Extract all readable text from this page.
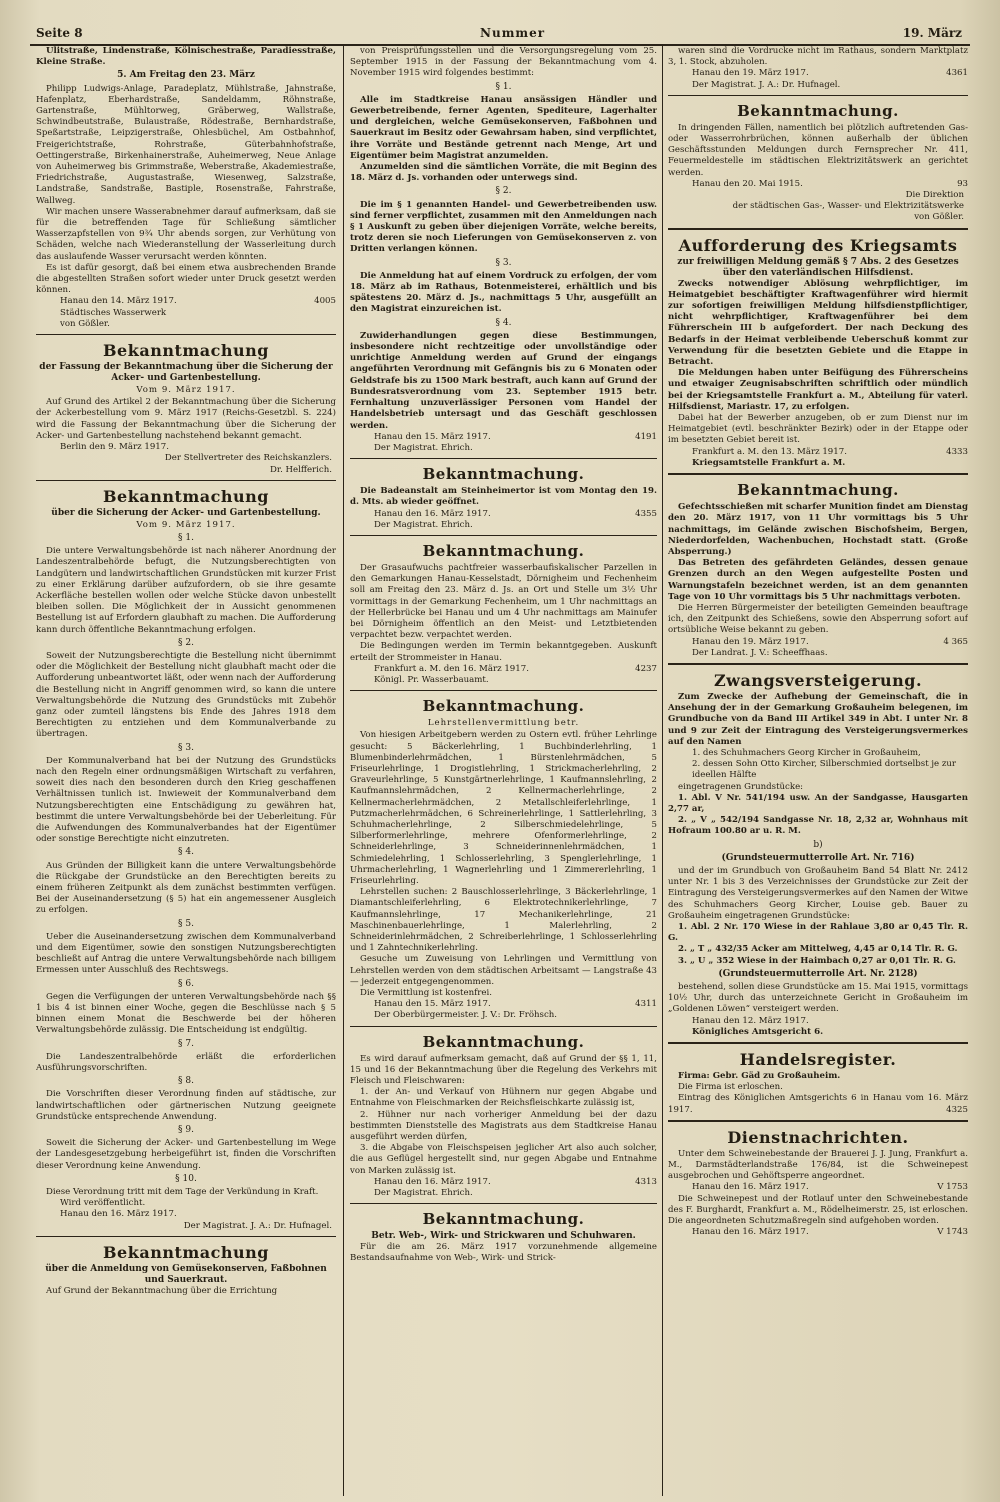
Seite 8	Nummer	19. März

Ulitstraße, Lindenstraße, Kölnischestraße, Paradiesstraße, Kleine Straße.

5. Am Freitag den 23. März

Philipp Ludwigs-Anlage, Paradeplatz, Mühlstraße, Jahnstraße, Hafenplatz, Eberhardstraße, Sandeldamm, Röhnstraße, Gartenstraße, Mühltorweg, Gräberweg, Wallstraße, Schwindbeutstraße, Bulaustraße, Rödestraße, Bernhardstraße, Speßartstraße, Leipzigerstraße, Ohlesbüchel, Am Ostbahnhof, Freigerichtstraße, Rohrstraße, Güterbahnhofstraße, Oettingerstraße, Birkenhainerstraße, Auheimerweg, Neue Anlage von Auheimerweg bis Grimmstraße, Weberstraße, Akademiestraße, Friedrichstraße, Augustastraße, Wiesenweg, Salzstraße, Landstraße, Sandstraße, Bastiple, Rosenstraße, Fahrstraße, Wallweg.

Wir machen unsere Wasserabnehmer darauf aufmerksam, daß sie für die betreffenden Tage für Schließung sämtlicher Wasserzapfstellen von 9¾ Uhr abends sorgen, zur Verhütung von Schäden, welche nach Wiederanstellung der Wasserleitung durch das auslaufende Wasser verursacht werden könnten.

Es ist dafür gesorgt, daß bei einem etwa ausbrechenden Brande die abgestellten Straßen sofort wieder unter Druck gesetzt werden können.

Hanau den 14. März 1917.	4005

Städtisches Wasserwerk

von Gößler.

Bekanntmachung
der Fassung der Bekanntmachung über die Sicherung der Acker- und Gartenbestellung.
Vom 9. März 1917.

Auf Grund des Artikel 2 der Bekanntmachung über die Sicherung der Ackerbestellung vom 9. März 1917 (Reichs-Gesetzbl. S. 224) wird die Fassung der Bekanntmachung über die Sicherung der Acker- und Gartenbestellung nachstehend bekannt gemacht.

Berlin den 9. März 1917.

Der Stellvertreter des Reichskanzlers.

Dr. Helfferich.

Bekanntmachung
über die Sicherung der Acker- und Gartenbestellung.
Vom 9. März 1917.
§ 1.

Die untere Verwaltungsbehörde ist nach näherer Anordnung der Landeszentralbehörde befugt, die Nutzungsberechtigten von Landgütern und landwirtschaftlichen Grundstücken mit kurzer Frist zu einer Erklärung darüber aufzufordern, ob sie ihre gesamte Ackerfläche bestellen wollen oder welche Stücke davon unbestellt bleiben sollen. Die Möglichkeit der in Aussicht genommenen Bestellung ist auf Erfordern glaubhaft zu machen. Die Aufforderung kann durch öffentliche Bekanntmachung erfolgen.

§ 2.

Soweit der Nutzungsberechtigte die Bestellung nicht übernimmt oder die Möglichkeit der Bestellung nicht glaubhaft macht oder die Aufforderung unbeantwortet läßt, oder wenn nach der Aufforderung die Bestellung nicht in Angriff genommen wird, so kann die untere Verwaltungsbehörde die Nutzung des Grundstücks mit Zubehör ganz oder zumteil längstens bis Ende des Jahres 1918 dem Berechtigten zu entziehen und dem Kommunalverbande zu übertragen.

§ 3.

Der Kommunalverband hat bei der Nutzung des Grundstücks nach den Regeln einer ordnungsmäßigen Wirtschaft zu verfahren, soweit dies nach den besonderen durch den Krieg geschaffenen Verhältnissen tunlich ist. Inwieweit der Kommunalverband dem Nutzungsberechtigten eine Entschädigung zu gewähren hat, bestimmt die untere Verwaltungsbehörde bei der Ueberleitung. Für die Aufwendungen des Kommunalverbandes hat der Eigentümer oder sonstige Berechtigte nicht einzutreten.

§ 4.

Aus Gründen der Billigkeit kann die untere Verwaltungsbehörde die Rückgabe der Grundstücke an den Berechtigten bereits zu einem früheren Zeitpunkt als dem zunächst bestimmten verfügen. Bei der Auseinandersetzung (§ 5) hat ein angemessener Ausgleich zu erfolgen.

§ 5.

Ueber die Auseinandersetzung zwischen dem Kommunalverband und dem Eigentümer, sowie den sonstigen Nutzungsberechtigten beschließt auf Antrag die untere Verwaltungsbehörde nach billigem Ermessen unter Ausschluß des Rechtswegs.

§ 6.

Gegen die Verfügungen der unteren Verwaltungsbehörde nach §§ 1 bis 4 ist binnen einer Woche, gegen die Beschlüsse nach § 5 binnen einem Monat die Beschwerde bei der höheren Verwaltungsbehörde zulässig. Die Entscheidung ist endgültig.

§ 7.

Die Landeszentralbehörde erläßt die erforderlichen Ausführungsvorschriften.

§ 8.

Die Vorschriften dieser Verordnung finden auf städtische, zur landwirtschaftlichen oder gärtnerischen Nutzung geeignete Grundstücke entsprechende Anwendung.

§ 9.

Soweit die Sicherung der Acker- und Gartenbestellung im Wege der Landesgesetzgebung herbeigeführt ist, finden die Vorschriften dieser Verordnung keine Anwendung.

§ 10.

Diese Verordnung tritt mit dem Tage der Verkündung in Kraft.

Wird veröffentlicht.

Hanau den 16. März 1917.

Der Magistrat. J. A.: Dr. Hufnagel.

Bekanntmachung
über die Anmeldung von Gemüsekonserven, Faßbohnen und Sauerkraut.

Auf Grund der Bekanntmachung über die Errichtung

von Preisprüfungsstellen und die Versorgungsregelung vom 25. September 1915 in der Fassung der Bekanntmachung vom 4. November 1915 wird folgendes bestimmt:

§ 1.

Alle im Stadtkreise Hanau ansässigen Händler und Gewerbetreibende, ferner Agenten, Spediteure, Lagerhalter und dergleichen, welche Gemüsekonserven, Faßbohnen und Sauerkraut im Besitz oder Gewahrsam haben, sind verpflichtet, ihre Vorräte und Bestände getrennt nach Menge, Art und Eigentümer beim Magistrat anzumelden.

Anzumelden sind die sämtlichen Vorräte, die mit Beginn des 18. März d. Js. vorhanden oder unterwegs sind.

§ 2.

Die im § 1 genannten Handel- und Gewerbetreibenden usw. sind ferner verpflichtet, zusammen mit den Anmeldungen nach § 1 Auskunft zu geben über diejenigen Vorräte, welche bereits, trotz deren sie noch Lieferungen von Gemüsekonserven z. von Dritten verlangen können.

§ 3.

Die Anmeldung hat auf einem Vordruck zu erfolgen, der vom 18. März ab im Rathaus, Botenmeisterei, erhältlich und bis spätestens 20. März d. Js., nachmittags 5 Uhr, ausgefüllt an den Magistrat einzureichen ist.

§ 4.

Zuwiderhandlungen gegen diese Bestimmungen, insbesondere nicht rechtzeitige oder unvollständige oder unrichtige Anmeldung werden auf Grund der eingangs angeführten Verordnung mit Gefängnis bis zu 6 Monaten oder Geldstrafe bis zu 1500 Mark bestraft, auch kann auf Grund der Bundesratsverordnung vom 23. September 1915 betr. Fernhaltung unzuverlässiger Personen vom Handel der Handelsbetrieb untersagt und das Geschäft geschlossen werden.

Hanau den 15. März 1917.	4191

Der Magistrat. Ehrich.

Bekanntmachung.

Die Badeanstalt am Steinheimertor ist vom Montag den 19. d. Mts. ab wieder geöffnet.

Hanau den 16. März 1917.	4355

Der Magistrat. Ehrich.

Bekanntmachung.

Der Grasaufwuchs pachtfreier wasserbaufiskalischer Parzellen in den Gemarkungen Hanau-Kesselstadt, Dörnigheim und Fechenheim soll am Freitag den 23. März d. Js. an Ort und Stelle um 3½ Uhr vormittags in der Gemarkung Fechenheim, um 1 Uhr nachmittags an der Hellerbrücke bei Hanau und um 4 Uhr nachmittags am Mainufer bei Dörnigheim öffentlich an den Meist- und Letztbietenden verpachtet bezw. verpachtet werden.

Die Bedingungen werden im Termin bekanntgegeben. Auskunft erteilt der Strommeister in Hanau.

Frankfurt a. M. den 16. März 1917.	4237

Königl. Pr. Wasserbauamt.

Bekanntmachung.
Lehrstellenvermittlung betr.

Von hiesigen Arbeitgebern werden zu Ostern evtl. früher Lehrlinge gesucht: 5 Bäckerlehrling, 1 Buchbinderlehrling, 1 Blumenbinderlehrmädchen, 1 Bürstenlehrmädchen, 5 Friseurlehrlinge, 1 Drogistlehrling, 1 Strickmacherlehrling, 2 Graveurlehrlinge, 5 Kunstgärtnerlehrlinge, 1 Kaufmannslehrling, 2 Kaufmannslehrmädchen, 2 Kellnermacherlehrlinge, 2 Kellnermacherlehrmädchen, 2 Metallschleiferlehrlinge, 1 Putzmacherlehrmädchen, 6 Schreinerlehrlinge, 1 Sattlerlehrling, 3 Schuhmacherlehrlinge, 2 Silberschmiedelehrlinge, 5 Silberformerlehrlinge, mehrere Ofenformerlehrlinge, 2 Schneiderlehrlinge, 3 Schneiderinnenlehrmädchen, 1 Schmiedelehrling, 1 Schlosserlehrling, 3 Spenglerlehrlinge, 1 Uhrmacherlehrling, 1 Wagnerlehrling und 1 Zimmererlehrling, 1 Friseurlehrling.

Lehrstellen suchen: 2 Bauschlosserlehrlinge, 3 Bäckerlehrlinge, 1 Diamantschleiferlehrling, 6 Elektrotechnikerlehrlinge, 7 Kaufmannslehrlinge, 17 Mechanikerlehrlinge, 21 Maschinenbauerlehrlinge, 1 Malerlehrling, 2 Schneiderinlehrmädchen, 2 Schreiberlehrlinge, 1 Schlosserlehrling und 1 Zahntechnikerlehrling.

Gesuche um Zuweisung von Lehrlingen und Vermittlung von Lehrstellen werden von dem städtischen Arbeitsamt — Langstraße 43 — jederzeit entgegengenommen.

Die Vermittlung ist kostenfrei.

Hanau den 15. März 1917.	4311

Der Oberbürgermeister. J. V.: Dr. Fröhsch.

Bekanntmachung.

Es wird darauf aufmerksam gemacht, daß auf Grund der §§ 1, 11, 15 und 16 der Bekanntmachung über die Regelung des Verkehrs mit Fleisch und Fleischwaren:

1. der An- und Verkauf von Hühnern nur gegen Abgabe und Entnahme von Fleischmarken der Reichsfleischkarte zulässig ist,

2. Hühner nur nach vorheriger Anmeldung bei der dazu bestimmten Dienststelle des Magistrats aus dem Stadtkreise Hanau ausgeführt werden dürfen,

3. die Abgabe von Fleischspeisen jeglicher Art also auch solcher, die aus Geflügel hergestellt sind, nur gegen Abgabe und Entnahme von Marken zulässig ist.

Hanau den 16. März 1917.	4313

Der Magistrat. Ehrich.

Bekanntmachung.
Betr. Web-, Wirk- und Strickwaren und Schuhwaren.

Für die am 26. März 1917 vorzunehmende allgemeine Bestandsaufnahme von Web-, Wirk- und Strick-

waren sind die Vordrucke nicht im Rathaus, sondern Marktplatz 3, 1. Stock, abzuholen.

Hanau den 19. März 1917.	4361

Der Magistrat. J. A.: Dr. Hufnagel.

Bekanntmachung.

In dringenden Fällen, namentlich bei plötzlich auftretenden Gas- oder Wasserrohrbrüchen, können außerhalb der üblichen Geschäftsstunden Meldungen durch Fernsprecher Nr. 411, Feuermeldestelle im städtischen Elektrizitätswerk an gerichtet werden.

Hanau den 20. Mai 1915.	93

Die Direktion

der städtischen Gas-, Wasser- und Elektrizitätswerke

von Gößler.

Aufforderung des Kriegsamts
zur freiwilligen Meldung gemäß § 7 Abs. 2 des Gesetzes über den vaterländischen Hilfsdienst.

Zwecks notwendiger Ablösung wehrpflichtiger, im Heimatgebiet beschäftigter Kraftwagenführer wird hiermit zur sofortigen freiwilligen Meldung hilfsdienstpflichtiger, nicht wehrpflichtiger, Kraftwagenführer bei dem Führerschein III b aufgefordert. Der nach Deckung des Bedarfs in der Heimat verbleibende Ueberschuß kommt zur Verwendung für die besetzten Gebiete und die Etappe in Betracht.

Die Meldungen haben unter Beifügung des Führerscheins und etwaiger Zeugnisabschriften schriftlich oder mündlich bei der Kriegsamtstelle Frankfurt a. M., Abteilung für vaterl. Hilfsdienst, Mariastr. 17, zu erfolgen.

Dabei hat der Bewerber anzugeben, ob er zum Dienst nur im Heimatgebiet (evtl. beschränkter Bezirk) oder in der Etappe oder im besetzten Gebiet bereit ist.

Frankfurt a. M. den 13. März 1917.	4333

Kriegsamtstelle Frankfurt a. M.

Bekanntmachung.

Gefechtsschießen mit scharfer Munition findet am Dienstag den 20. März 1917, von 11 Uhr vormittags bis 5 Uhr nachmittags, im Gelände zwischen Bischofsheim, Bergen, Niederdorfelden, Wachenbuchen, Hochstadt statt. (Große Absperrung.)

Das Betreten des gefährdeten Geländes, dessen genaue Grenzen durch an den Wegen aufgestellte Posten und Warnungstafeln bezeichnet werden, ist an dem genannten Tage von 10 Uhr vormittags bis 5 Uhr nachmittags verboten.

Die Herren Bürgermeister der beteiligten Gemeinden beauftrage ich, den Zeitpunkt des Schießens, sowie den Absperrung sofort auf ortsübliche Weise bekannt zu geben.

Hanau den 19. März 1917.	4 365

Der Landrat. J. V.: Scheeffhaas.

Zwangsversteigerung.

Zum Zwecke der Aufhebung der Gemeinschaft, die in Ansehung der in der Gemarkung Großauheim belegenen, im Grundbuche von da Band III Artikel 349 in Abt. I unter Nr. 8 und 9 zur Zeit der Eintragung des Versteigerungsvermerkes auf den Namen

1. des Schuhmachers Georg Kircher in Großauheim,

2. dessen Sohn Otto Kircher, Silberschmied dortselbst je zur ideellen Hälfte

eingetragenen Grundstücke:

1. Abl. V Nr. 541/194 usw. An der Sandgasse, Hausgarten 2,77 ar,

2. „ V „ 542/194 Sandgasse Nr. 18, 2,32 ar, Wohnhaus mit Hofraum 100.80 ar u. R. M.

b)
(Grundsteuermutterrolle Art. Nr. 716)

und der im Grundbuch von Großauheim Band 54 Blatt Nr. 2412 unter Nr. 1 bis 3 des Verzeichnisses der Grundstücke zur Zeit der Eintragung des Versteigerungsvermerkes auf den Namen der Witwe des Schuhmachers Georg Kircher, Louise geb. Bauer zu Großauheim eingetragenen Grundstücke:

1. Abl. 2 Nr. 170 Wiese in der Rahlaue 3,80 ar 0,45 Tlr. R. G.

2. „ T „ 432/35 Acker am Mittelweg, 4,45 ar 0,14 Tlr. R. G.

3. „ U „ 352 Wiese in der Haimbach 0,27 ar 0,01 Tlr. R. G.

(Grundsteuermutterrolle Art. Nr. 2128)

bestehend, sollen diese Grundstücke am 15. Mai 1915, vormittags 10½ Uhr, durch das unterzeichnete Gericht in Großauheim im „Goldenen Löwen“ versteigert werden.

Hanau den 12. März 1917.

Königliches Amtsgericht 6.

Handelsregister.

Firma: Gebr. Gäd zu Großauheim.

Die Firma ist erloschen.

Eintrag des Königlichen Amtsgerichts 6 in Hanau vom 16. März 1917.	4325

Dienstnachrichten.

Unter dem Schweinebestande der Brauerei J. J. Jung, Frankfurt a. M., Darmstädterlandstraße 176/84, ist die Schweinepest ausgebrochen und Gehöftsperre angeordnet.

Hanau den 16. März 1917.	V 1753

Die Schweinepest und der Rotlauf unter den Schweinebestande des F. Burghardt, Frankfurt a. M., Rödelheimerstr. 25, ist erloschen. Die angeordneten Schutzmaßregeln sind aufgehoben worden.

Hanau den 16. März 1917.	V 1743
